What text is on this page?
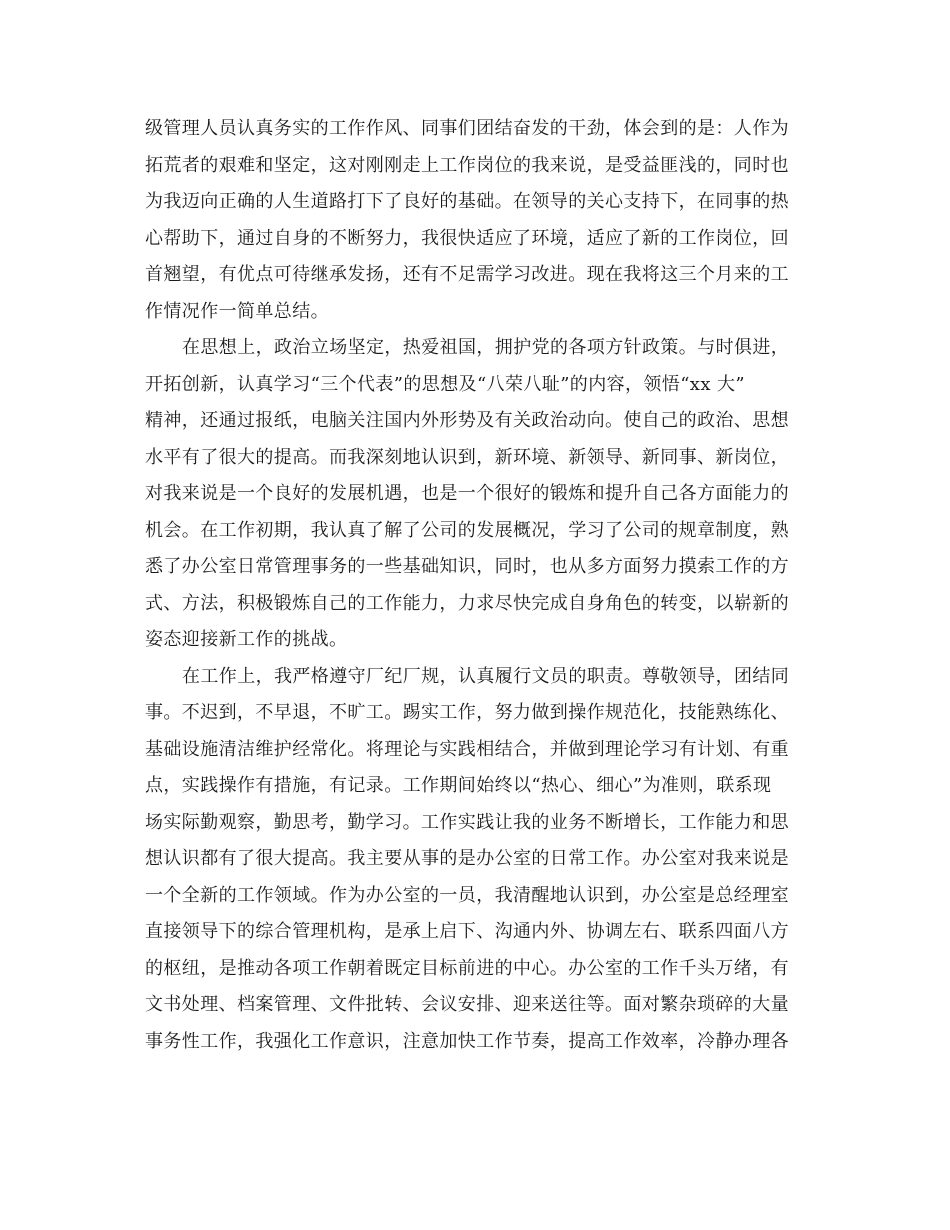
级管理人员认真务实的工作作风、同事们团结奋发的干劲，体会到的是：人作为
拓荒者的艰难和坚定，这对刚刚走上工作岗位的我来说，是受益匪浅的，同时也
为我迈向正确的人生道路打下了良好的基础。在领导的关心支持下，在同事的热
心帮助下，通过自身的不断努力，我很快适应了环境，适应了新的工作岗位，回
首翘望，有优点可待继承发扬，还有不足需学习改进。现在我将这三个月来的工
作情况作一简单总结。
在思想上，政治立场坚定，热爱祖国，拥护党的各项方针政策。与时俱进，
开拓创新，认真学习“三个代表”的思想及“八荣八耻”的内容，领悟“xx 大”
精神，还通过报纸，电脑关注国内外形势及有关政治动向。使自己的政治、思想
水平有了很大的提高。而我深刻地认识到，新环境、新领导、新同事、新岗位，
对我来说是一个良好的发展机遇，也是一个很好的锻炼和提升自己各方面能力的
机会。在工作初期，我认真了解了公司的发展概况，学习了公司的规章制度，熟
悉了办公室日常管理事务的一些基础知识，同时，也从多方面努力摸索工作的方
式、方法，积极锻炼自己的工作能力，力求尽快完成自身角色的转变，以崭新的
姿态迎接新工作的挑战。
在工作上，我严格遵守厂纪厂规，认真履行文员的职责。尊敬领导，团结同
事。不迟到，不早退，不旷工。踢实工作，努力做到操作规范化，技能熟练化、
基础设施清洁维护经常化。将理论与实践相结合，并做到理论学习有计划、有重
点，实践操作有措施，有记录。工作期间始终以“热心、细心”为准则，联系现
场实际勤观察，勤思考，勤学习。工作实践让我的业务不断增长，工作能力和思
想认识都有了很大提高。我主要从事的是办公室的日常工作。办公室对我来说是
一个全新的工作领域。作为办公室的一员，我清醒地认识到，办公室是总经理室
直接领导下的综合管理机构，是承上启下、沟通内外、协调左右、联系四面八方
的枢纽，是推动各项工作朝着既定目标前进的中心。办公室的工作千头万绪，有
文书处理、档案管理、文件批转、会议安排、迎来送往等。面对繁杂琐碎的大量
事务性工作，我强化工作意识，注意加快工作节奏，提高工作效率，冷静办理各
